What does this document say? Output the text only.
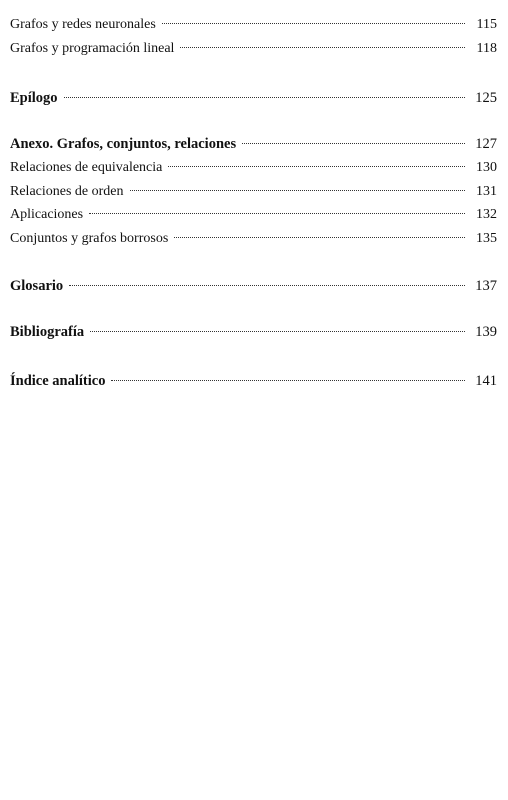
Grafos y redes neuronales	115
Grafos y programación lineal	118
Epílogo	125
Anexo. Grafos, conjuntos, relaciones	127
Relaciones de equivalencia	130
Relaciones de orden	131
Aplicaciones	132
Conjuntos y grafos borrosos	135
Glosario	137
Bibliografía	139
Índice analítico	141
